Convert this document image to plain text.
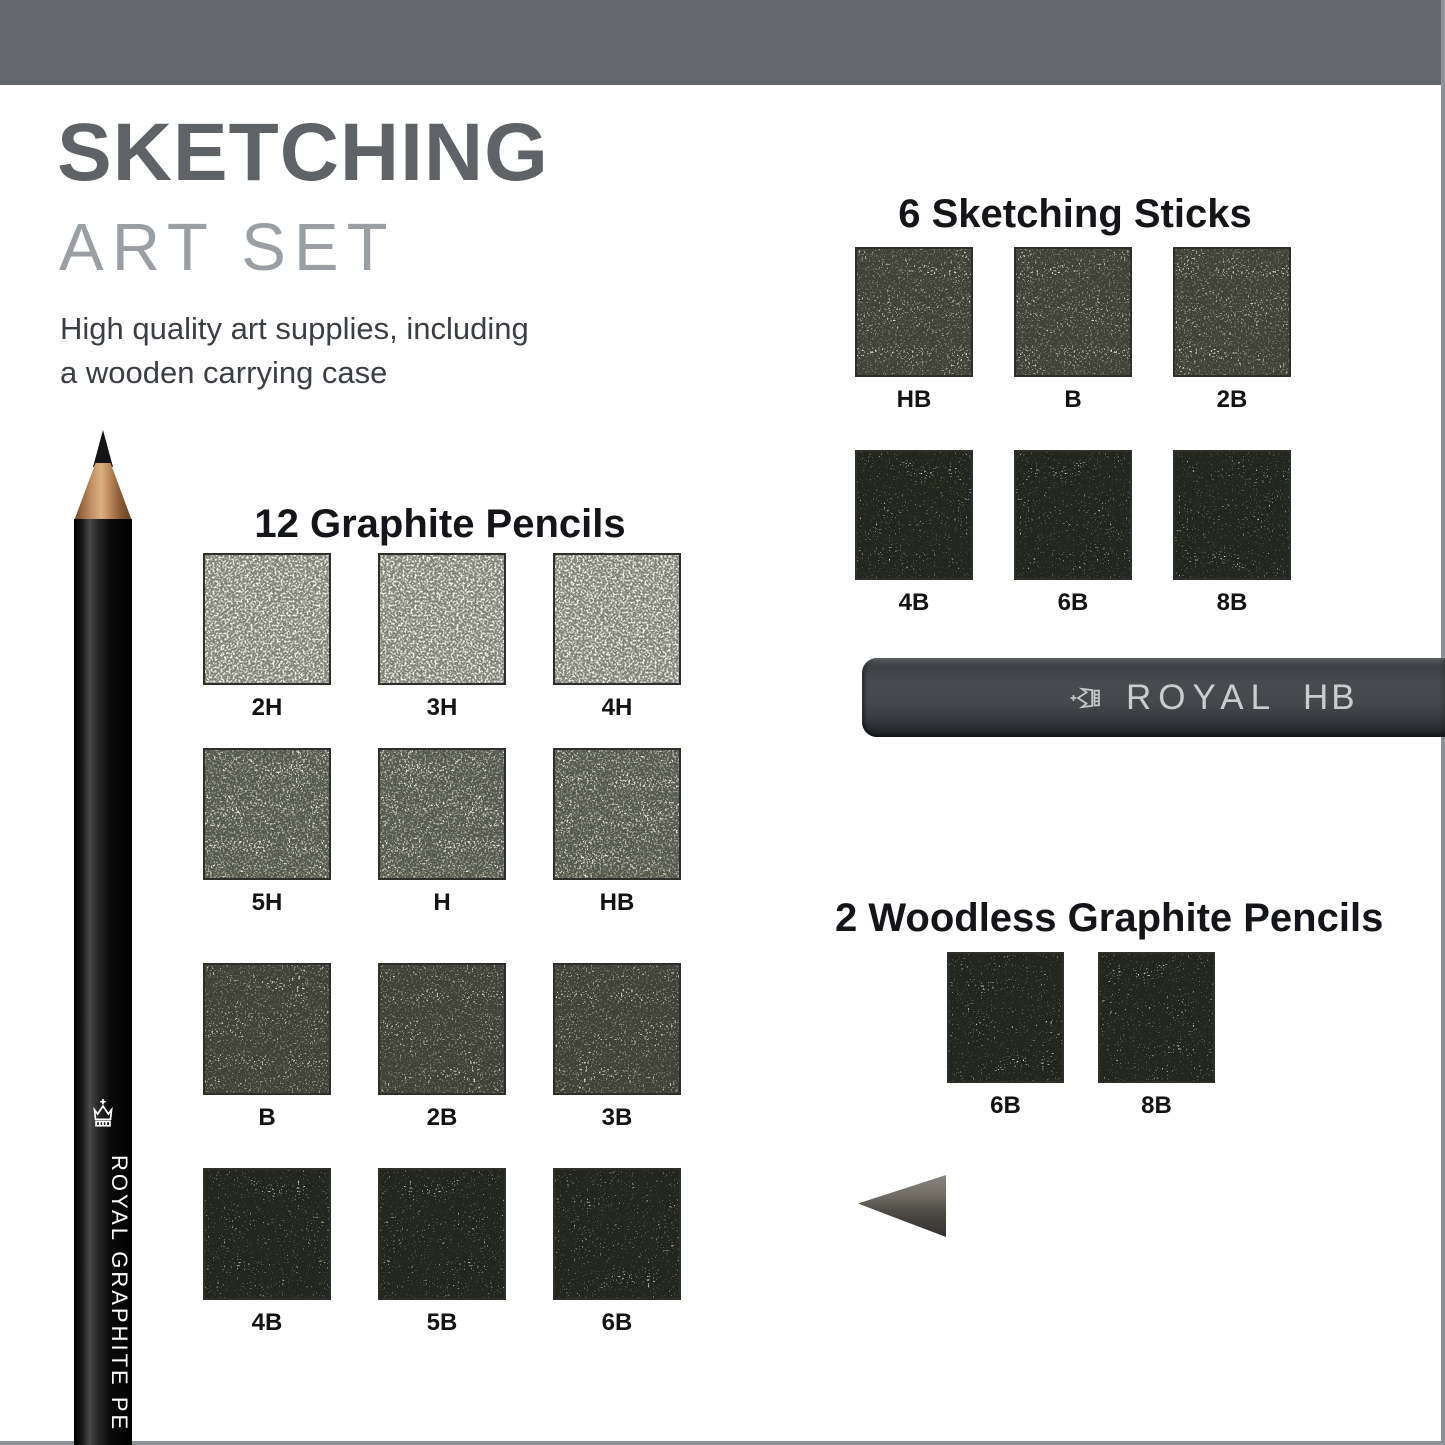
SKETCHING
ART SET
High quality art supplies, including
a wooden carrying case
ROYAL GRAPHITE PE
12 Graphite Pencils
2H	3H	4H
5H	H	HB
B	2B	3B
4B	5B	6B
6 Sketching Sticks
HB	B	2B
4B	6B	8B
ROYAL HB
2 Woodless Graphite Pencils
6B	8B
